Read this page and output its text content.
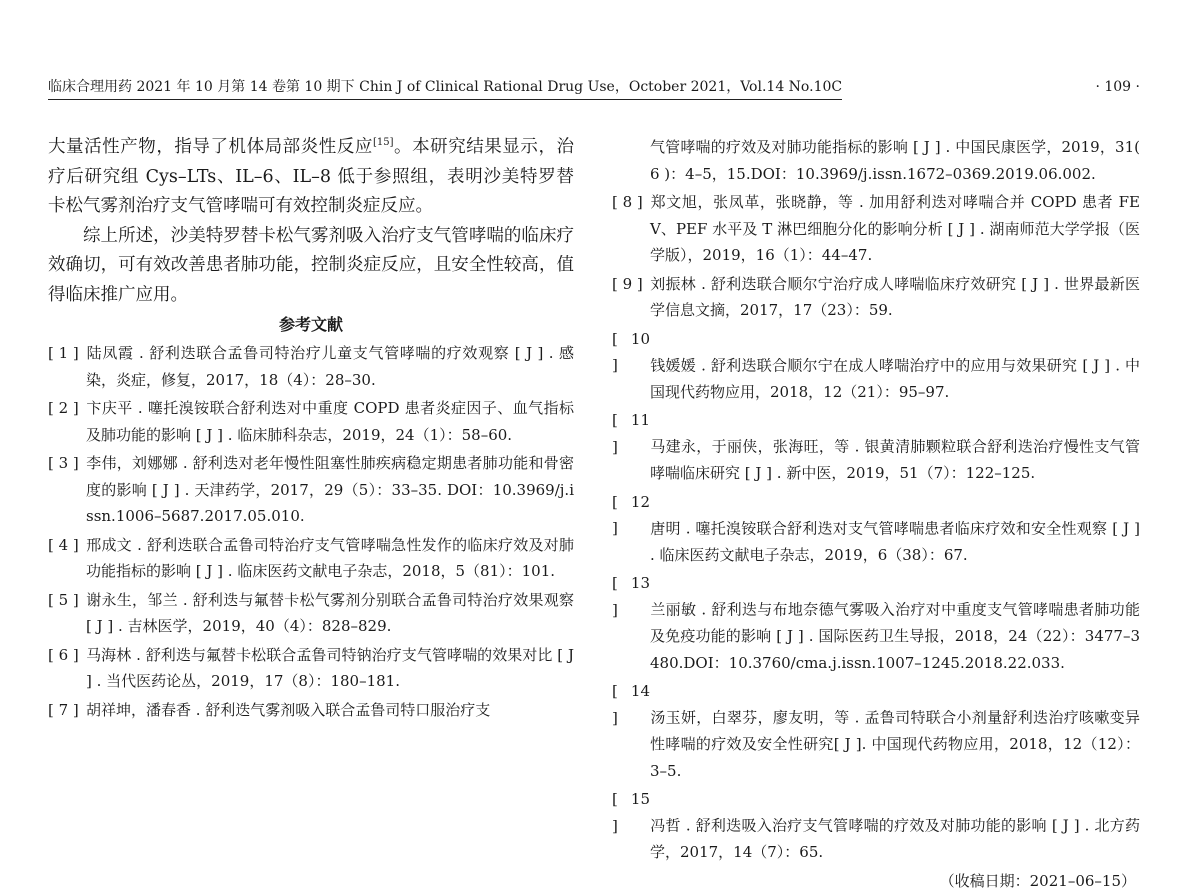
临床合理用药 2021 年 10 月第 14 卷第 10 期下 Chin J of Clinical Rational Drug Use，October 2021，Vol.14 No.10C	· 109 ·

大量活性产物，指导了机体局部炎性反应[15]。本研究结果显示，治疗后研究组 Cys–LTs、IL–6、IL–8 低于参照组，表明沙美特罗替卡松气雾剂治疗支气管哮喘可有效控制炎症反应。

综上所述，沙美特罗替卡松气雾剂吸入治疗支气管哮喘的临床疗效确切，可有效改善患者肺功能，控制炎症反应，且安全性较高，值得临床推广应用。

参考文献

[ 1 ] 陆凤霞 . 舒利迭联合孟鲁司特治疗儿童支气管哮喘的疗效观察 [ J ] . 感染，炎症，修复，2017，18（4）：28–30.

[ 2 ] 卞庆平 . 噻托溴铵联合舒利迭对中重度 COPD 患者炎症因子、血气指标及肺功能的影响 [ J ] . 临床肺科杂志，2019，24（1）：58–60.

[ 3 ] 李伟，刘娜娜 . 舒利迭对老年慢性阻塞性肺疾病稳定期患者肺功能和骨密度的影响 [ J ] . 天津药学，2017，29（5）：33–35. DOI：10.3969/j.issn.1006–5687.2017.05.010.

[ 4 ] 邢成文 . 舒利迭联合孟鲁司特治疗支气管哮喘急性发作的临床疗效及对肺功能指标的影响 [ J ] . 临床医药文献电子杂志，2018，5（81）：101.

[ 5 ] 谢永生，邹兰 . 舒利迭与氟替卡松气雾剂分别联合孟鲁司特治疗效果观察 [ J ] . 吉林医学，2019，40（4）：828–829.

[ 6 ] 马海林 . 舒利迭与氟替卡松联合孟鲁司特钠治疗支气管哮喘的效果对比 [ J ] . 当代医药论丛，2019，17（8）：180–181.

[ 7 ] 胡祥坤，潘春香 . 舒利迭气雾剂吸入联合孟鲁司特口服治疗支

气管哮喘的疗效及对肺功能指标的影响 [ J ] . 中国民康医学，2019，31( 6 )：4–5，15.DOI：10.3969/j.issn.1672–0369.2019.06.002.

[ 8 ] 郑文旭，张凤革，张晓静，等 . 加用舒利迭对哮喘合并 COPD 患者 FEV、PEF 水平及 T 淋巴细胞分化的影响分析 [ J ] . 湖南师范大学学报（医学版），2019，16（1）：44–47.

[ 9 ] 刘振林 . 舒利迭联合顺尔宁治疗成人哮喘临床疗效研究 [ J ] . 世界最新医学信息文摘，2017，17（23）：59.

[ 10 ] 钱媛媛 . 舒利迭联合顺尔宁在成人哮喘治疗中的应用与效果研究 [ J ] . 中国现代药物应用，2018，12（21）：95–97.

[ 11 ] 马建永，于丽侠，张海旺，等 . 银黄清肺颗粒联合舒利迭治疗慢性支气管哮喘临床研究 [ J ] . 新中医，2019，51（7）：122–125.

[ 12 ] 唐明 . 噻托溴铵联合舒利迭对支气管哮喘患者临床疗效和安全性观察 [ J ] . 临床医药文献电子杂志，2019，6（38）：67.

[ 13 ] 兰丽敏 . 舒利迭与布地奈德气雾吸入治疗对中重度支气管哮喘患者肺功能及免疫功能的影响 [ J ] . 国际医药卫生导报，2018，24（22）：3477–3480.DOI：10.3760/cma.j.issn.1007–1245.2018.22.033.

[ 14 ] 汤玉妍，白翠芬，廖友明，等 . 孟鲁司特联合小剂量舒利迭治疗咳嗽变异性哮喘的疗效及安全性研究[ J ]. 中国现代药物应用，2018，12（12）：3–5.

[ 15 ] 冯哲 . 舒利迭吸入治疗支气管哮喘的疗效及对肺功能的影响 [ J ] . 北方药学，2017，14（7）：65.

（收稿日期：2021–06–15）
